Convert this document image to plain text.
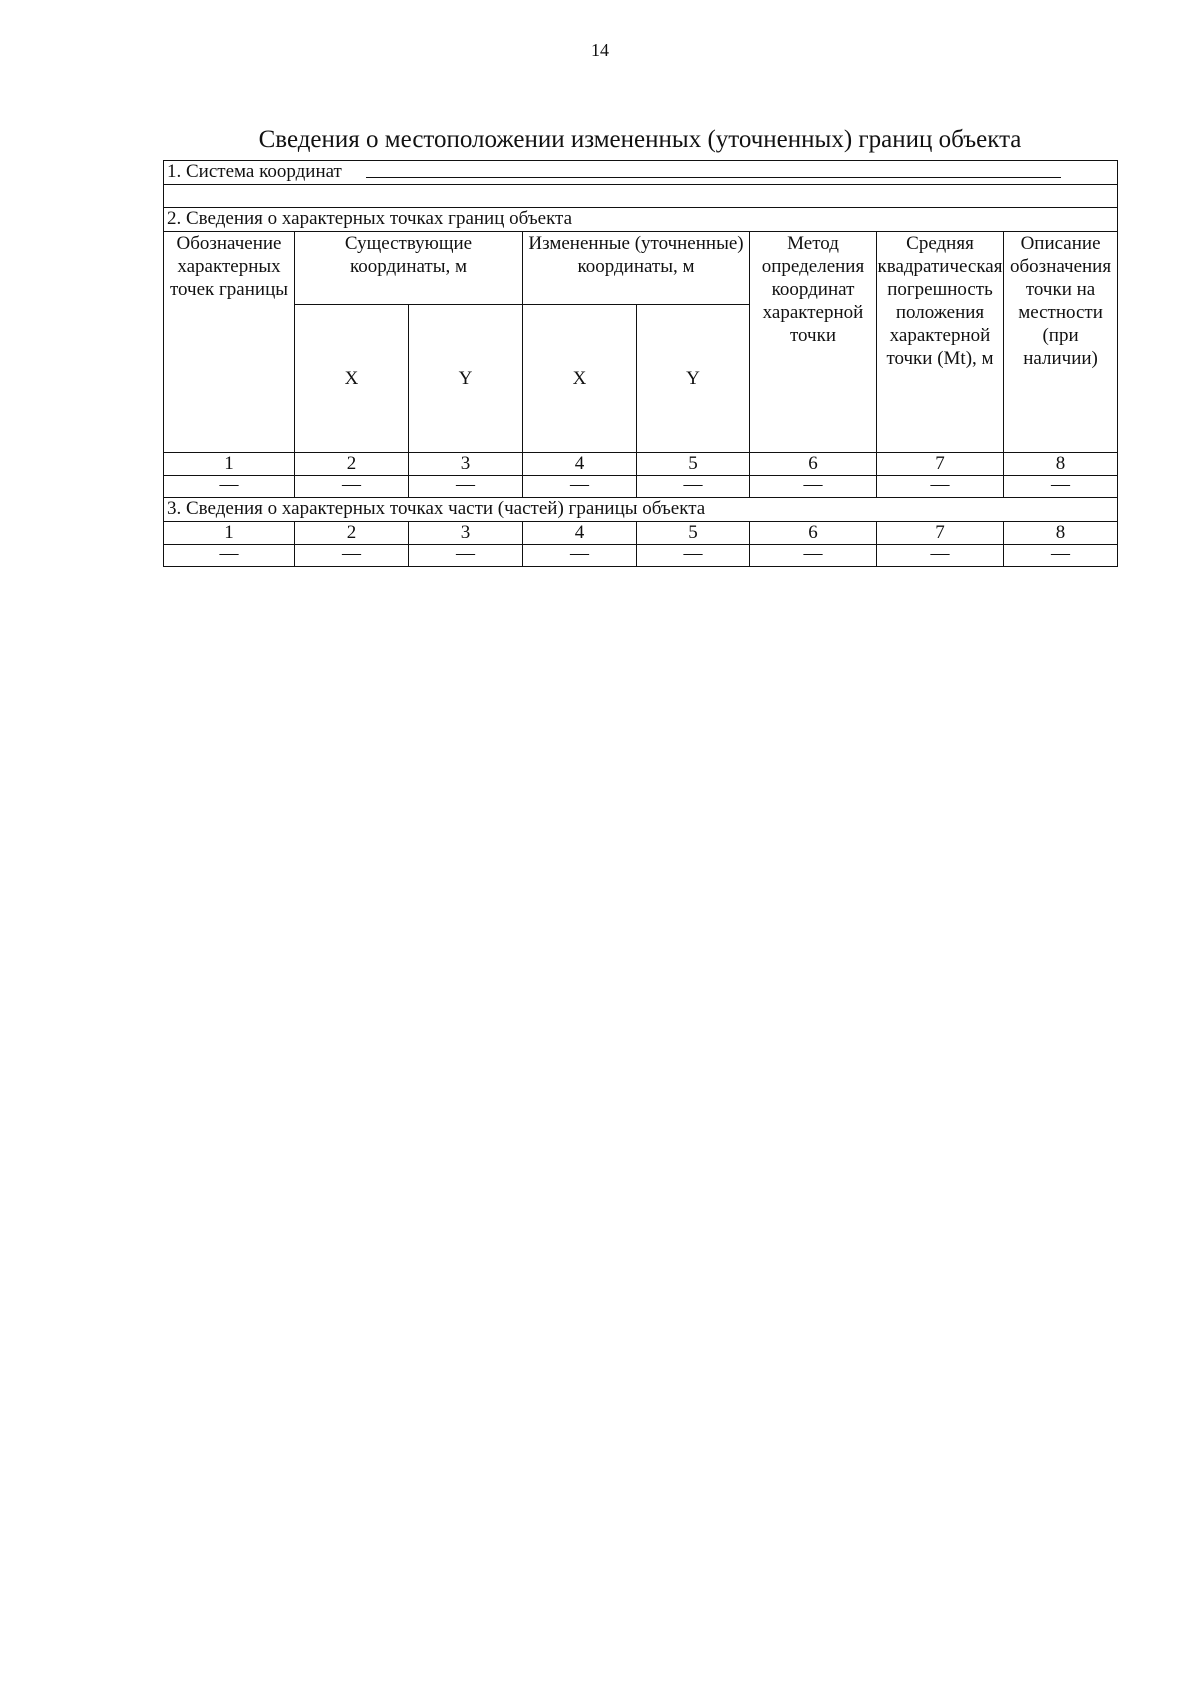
14
Сведения о местоположении измененных (уточненных) границ объекта
1. Система координат							

2. Сведения о характерных точках границ объекта							
Обозначение характерных точек границы	Существующие координаты, м		Измененные (уточненные) координаты, м		Метод определения координат характерной точки	Средняя квадратическая погрешность положения характерной точки (Mt), м	Описание обозначения точки на местности (при наличии)
	X	Y	X	Y			
1	2	3	4	5	6	7	8
—	—	—	—	—	—	—	—
3. Сведения о характерных точках части (частей) границы объекта							
1	2	3	4	5	6	7	8
—	—	—	—	—	—	—	—
